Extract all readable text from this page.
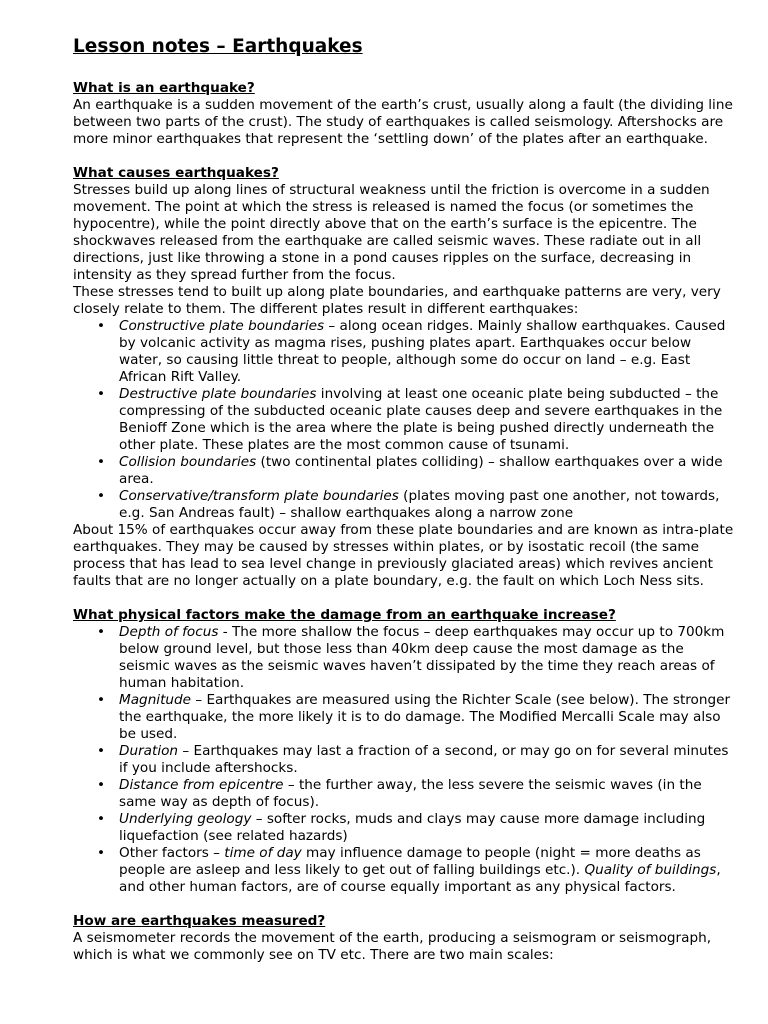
Lesson notes – Earthquakes
What is an earthquake?

An earthquake is a sudden movement of the earth’s crust, usually along a fault (the dividing line between two parts of the crust). The study of earthquakes is called seismology. Aftershocks are more minor earthquakes that represent the ‘settling down’ of the plates after an earthquake.

What causes earthquakes?

Stresses build up along lines of structural weakness until the friction is overcome in a sudden movement. The point at which the stress is released is named the focus (or sometimes the hypocentre), while the point directly above that on the earth’s surface is the epicentre. The shockwaves released from the earthquake are called seismic waves. These radiate out in all directions, just like throwing a stone in a pond causes ripples on the surface, decreasing in intensity as they spread further from the focus.

These stresses tend to built up along plate boundaries, and earthquake patterns are very, very closely relate to them. The different plates result in different earthquakes:

• Constructive plate boundaries – along ocean ridges. Mainly shallow earthquakes. Caused by volcanic activity as magma rises, pushing plates apart. Earthquakes occur below water, so causing little threat to people, although some do occur on land – e.g. East African Rift Valley.
• Destructive plate boundaries involving at least one oceanic plate being subducted – the compressing of the subducted oceanic plate causes deep and severe earthquakes in the Benioff Zone which is the area where the plate is being pushed directly underneath the other plate. These plates are the most common cause of tsunami.
• Collision boundaries (two continental plates colliding) – shallow earthquakes over a wide area.
• Conservative/transform plate boundaries (plates moving past one another, not towards, e.g. San Andreas fault) – shallow earthquakes along a narrow zone

About 15% of earthquakes occur away from these plate boundaries and are known as intra-plate earthquakes. They may be caused by stresses within plates, or by isostatic recoil (the same process that has lead to sea level change in previously glaciated areas) which revives ancient faults that are no longer actually on a plate boundary, e.g. the fault on which Loch Ness sits.

What physical factors make the damage from an earthquake increase?
• Depth of focus - The more shallow the focus – deep earthquakes may occur up to 700km below ground level, but those less than 40km deep cause the most damage as the seismic waves as the seismic waves haven’t dissipated by the time they reach areas of human habitation.
• Magnitude – Earthquakes are measured using the Richter Scale (see below). The stronger the earthquake, the more likely it is to do damage. The Modified Mercalli Scale may also be used.
• Duration – Earthquakes may last a fraction of a second, or may go on for several minutes if you include aftershocks.
• Distance from epicentre – the further away, the less severe the seismic waves (in the same way as depth of focus).
• Underlying geology – softer rocks, muds and clays may cause more damage including liquefaction (see related hazards)
• Other factors – time of day may influence damage to people (night = more deaths as people are asleep and less likely to get out of falling buildings etc.). Quality of buildings, and other human factors, are of course equally important as any physical factors.
How are earthquakes measured?

A seismometer records the movement of the earth, producing a seismogram or seismograph, which is what we commonly see on TV etc. There are two main scales:
